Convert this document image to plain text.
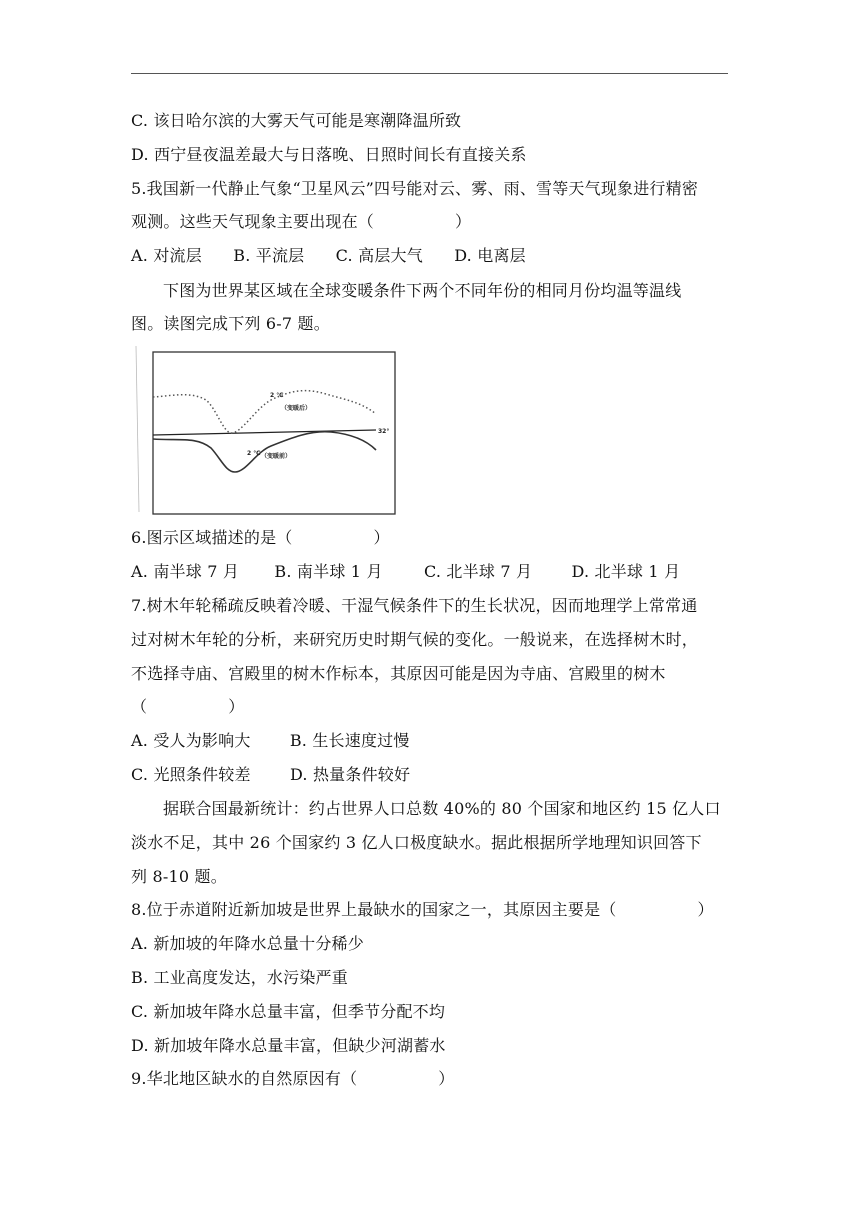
C. 该日哈尔滨的大雾天气可能是寒潮降温所致
D. 西宁昼夜温差最大与日落晚、日照时间长有直接关系
5.我国新一代静止气象“卫星风云”四号能对云、雾、雨、雪等天气现象进行精密
观测。这些天气现象主要出现在（　　　　　）
A. 对流层 B. 平流层 C. 高层大气 D. 电离层
下图为世界某区域在全球变暖条件下两个不同年份的相同月份均温等温线
图。读图完成下列 6-7 题。
2 ℃
（变暖后）
2 ℃ （变暖前）
32°
6.图示区域描述的是（　　　　　）
A. 南半球 7 月 B. 南半球 1 月	C. 北半球 7 月 D. 北半球 1 月
7.树木年轮稀疏反映着冷暖、干湿气候条件下的生长状况，因而地理学上常常通
过对树木年轮的分析，来研究历史时期气候的变化。一般说来，在选择树木时，
不选择寺庙、宫殿里的树木作标本，其原因可能是因为寺庙、宫殿里的树木
（　　　　　）
A. 受人为影响大 B. 生长速度过慢
C. 光照条件较差 D. 热量条件较好
据联合国最新统计：约占世界人口总数 40%的 80 个国家和地区约 15 亿人口
淡水不足，其中 26 个国家约 3 亿人口极度缺水。据此根据所学地理知识回答下
列 8-10 题。
8.位于赤道附近新加坡是世界上最缺水的国家之一，其原因主要是（　　　　　）
A. 新加坡的年降水总量十分稀少
B. 工业高度发达，水污染严重
C. 新加坡年降水总量丰富，但季节分配不均
D. 新加坡年降水总量丰富，但缺少河湖蓄水
9.华北地区缺水的自然原因有（　　　　　）
